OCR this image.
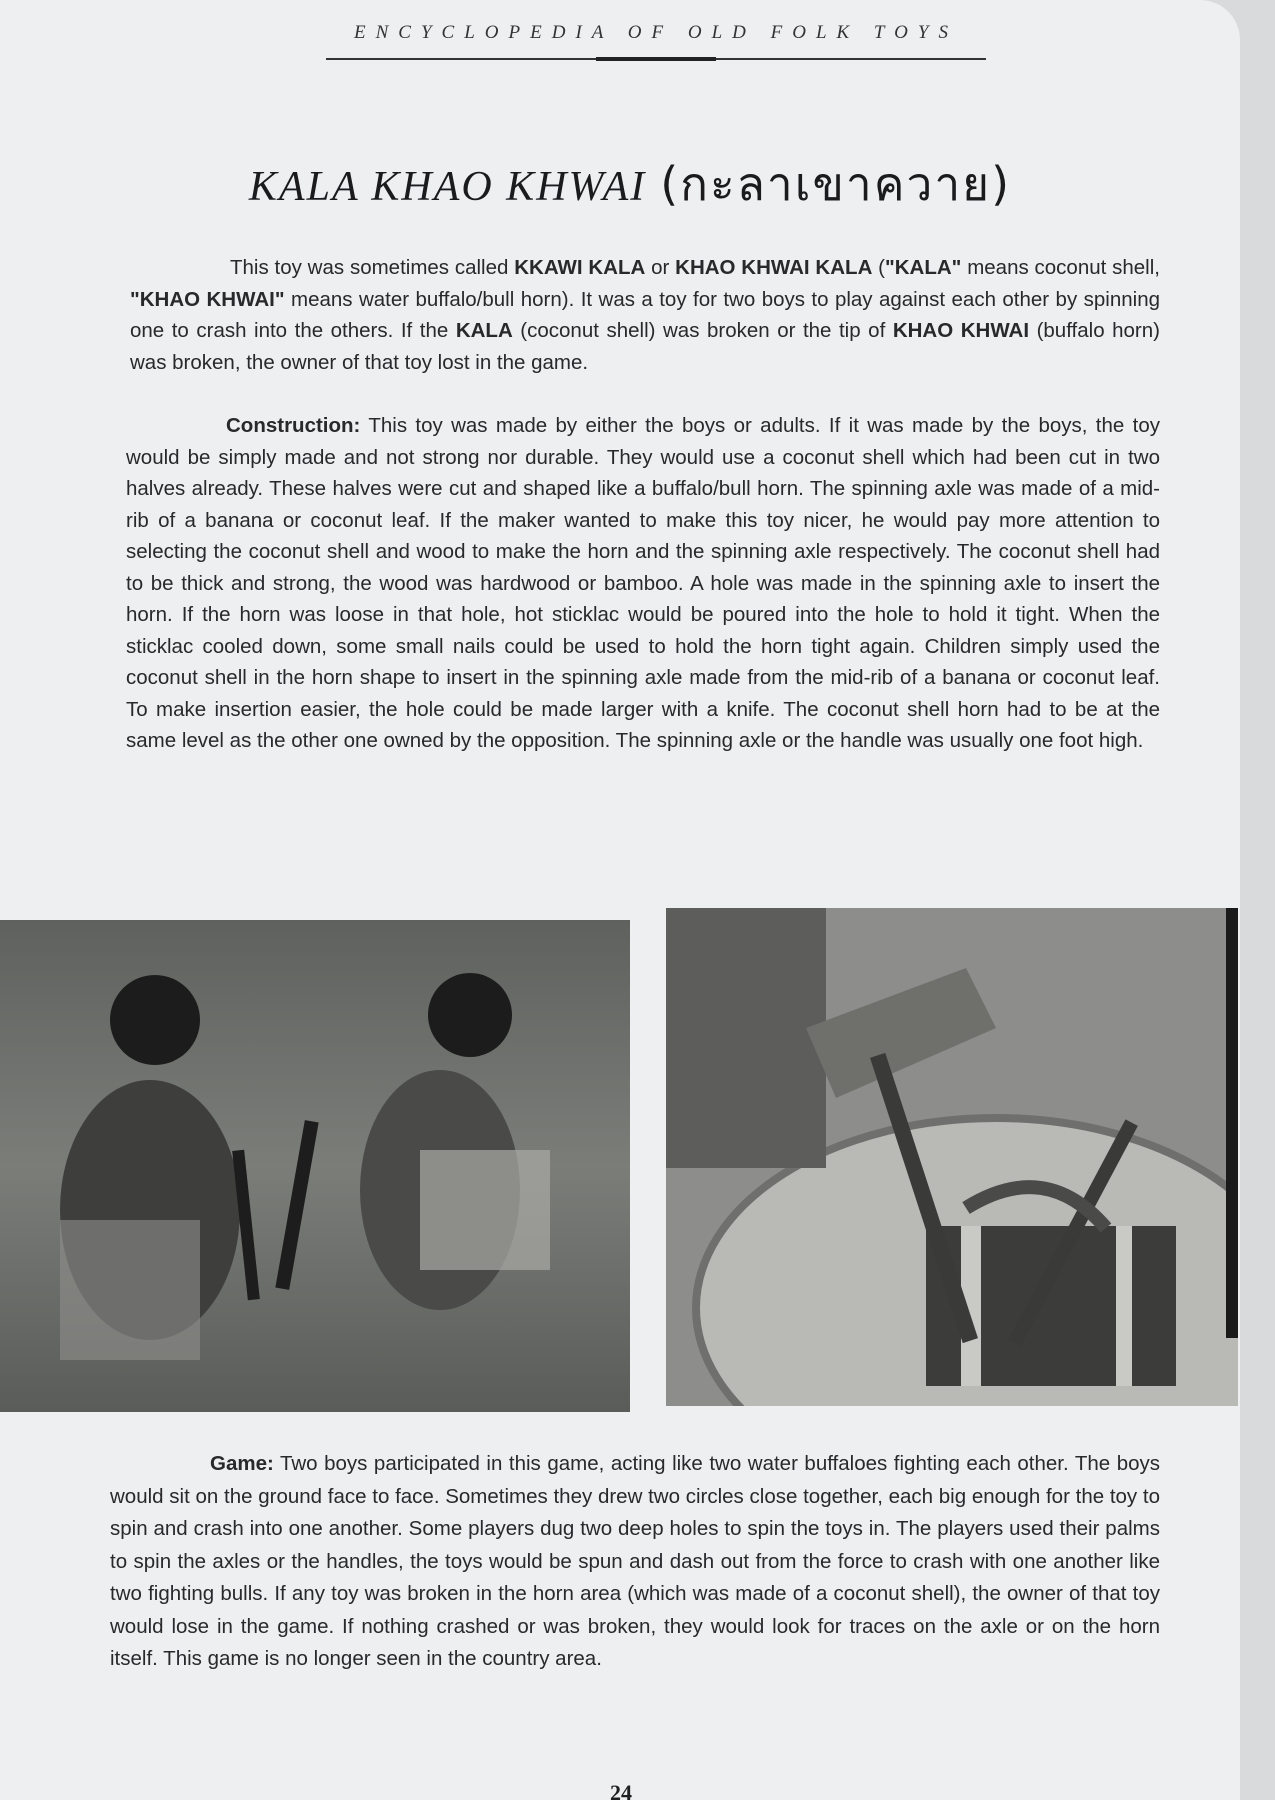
ENCYCLOPEDIA OF OLD FOLK TOYS
KALA KHAO KHWAI (กะลาเขาควาย)

This toy was sometimes called KKAWI KALA or KHAO KHWAI KALA ("KALA" means coconut shell, "KHAO KHWAI" means water buffalo/bull horn). It was a toy for two boys to play against each other by spinning one to crash into the others. If the KALA (coconut shell) was broken or the tip of KHAO KHWAI (buffalo horn) was broken, the owner of that toy lost in the game.

Construction: This toy was made by either the boys or adults. If it was made by the boys, the toy would be simply made and not strong nor durable. They would use a coconut shell which had been cut in two halves already. These halves were cut and shaped like a buffalo/bull horn. The spinning axle was made of a mid-rib of a banana or coconut leaf. If the maker wanted to make this toy nicer, he would pay more attention to selecting the coconut shell and wood to make the horn and the spinning axle respectively. The coconut shell had to be thick and strong, the wood was hardwood or bamboo. A hole was made in the spinning axle to insert the horn. If the horn was loose in that hole, hot sticklac would be poured into the hole to hold it tight. When the sticklac cooled down, some small nails could be used to hold the horn tight again. Children simply used the coconut shell in the horn shape to insert in the spinning axle made from the mid-rib of a banana or coconut leaf. To make insertion easier, the hole could be made larger with a knife. The coconut shell horn had to be at the same level as the other one owned by the opposition. The spinning axle or the handle was usually one foot high.

Game: Two boys participated in this game, acting like two water buffaloes fighting each other. The boys would sit on the ground face to face. Sometimes they drew two circles close together, each big enough for the toy to spin and crash into one another. Some players dug two deep holes to spin the toys in. The players used their palms to spin the axles or the handles, the toys would be spun and dash out from the force to crash with one another like two fighting bulls. If any toy was broken in the horn area (which was made of a coconut shell), the owner of that toy would lose in the game. If nothing crashed or was broken, they would look for traces on the axle or on the horn itself. This game is no longer seen in the country area.

24
